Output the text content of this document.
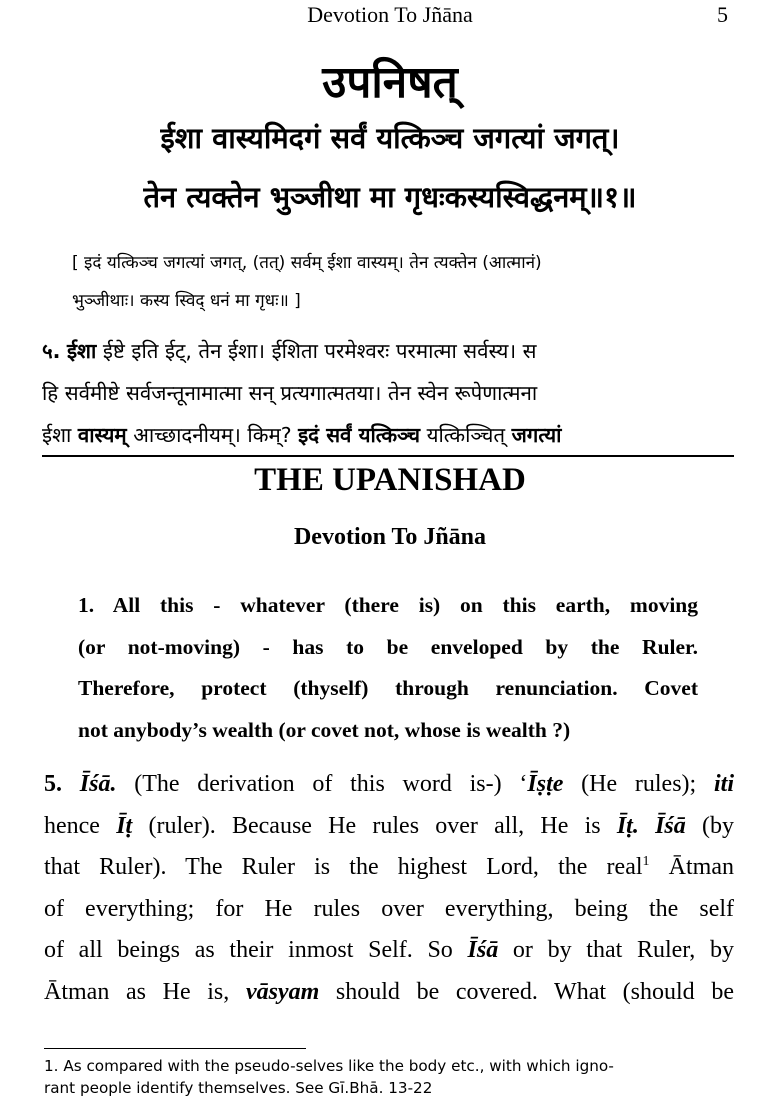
Devotion To Jñāna	5
उपनिषत्
ईशा वास्यमिदगं सर्वं यत्किञ्च जगत्यां जगत्।
तेन त्यक्तेन भुञ्जीथा मा गृधःकस्यस्विद्धनम्॥१॥
[ इदं यत्किञ्च जगत्यां जगत्, (तत्) सर्वम् ईशा वास्यम्। तेन त्यक्तेन (आत्मानं)
भुञ्जीथाः। कस्य स्विद् धनं मा गृधः॥ ]
५. ईशा ईष्टे इति ईट्, तेन ईशा। ईशिता परमेश्वरः परमात्मा सर्वस्य। स
हि सर्वमीष्टे सर्वजन्तूनामात्मा सन् प्रत्यगात्मतया। तेन स्वेन रूपेणात्मना
ईशा वास्यम् आच्छादनीयम्। किम्? इदं सर्वं यत्किञ्च यत्किञ्चित् जगत्यां
THE UPANISHAD
Devotion To Jñāna
1. All this - whatever (there is) on this earth, moving
(or not-moving) - has to be enveloped by the Ruler.
Therefore, protect (thyself) through renunciation. Covet
not anybody’s wealth (or covet not, whose is wealth ?)
5. Īśā. (The derivation of this word is-) ‘Īṣṭe (He rules); iti
hence Īṭ (ruler). Because He rules over all, He is Īṭ. Īśā (by
that Ruler). The Ruler is the highest Lord, the real$^1$ Ātman
of everything; for He rules over everything, being the self
of all beings as their inmost Self. So Īśā or by that Ruler, by
Ātman as He is, vāsyam should be covered. What (should be
1. As compared with the pseudo-selves like the body etc., with which igno-
rant people identify themselves. See Gī.Bhā. 13-22
